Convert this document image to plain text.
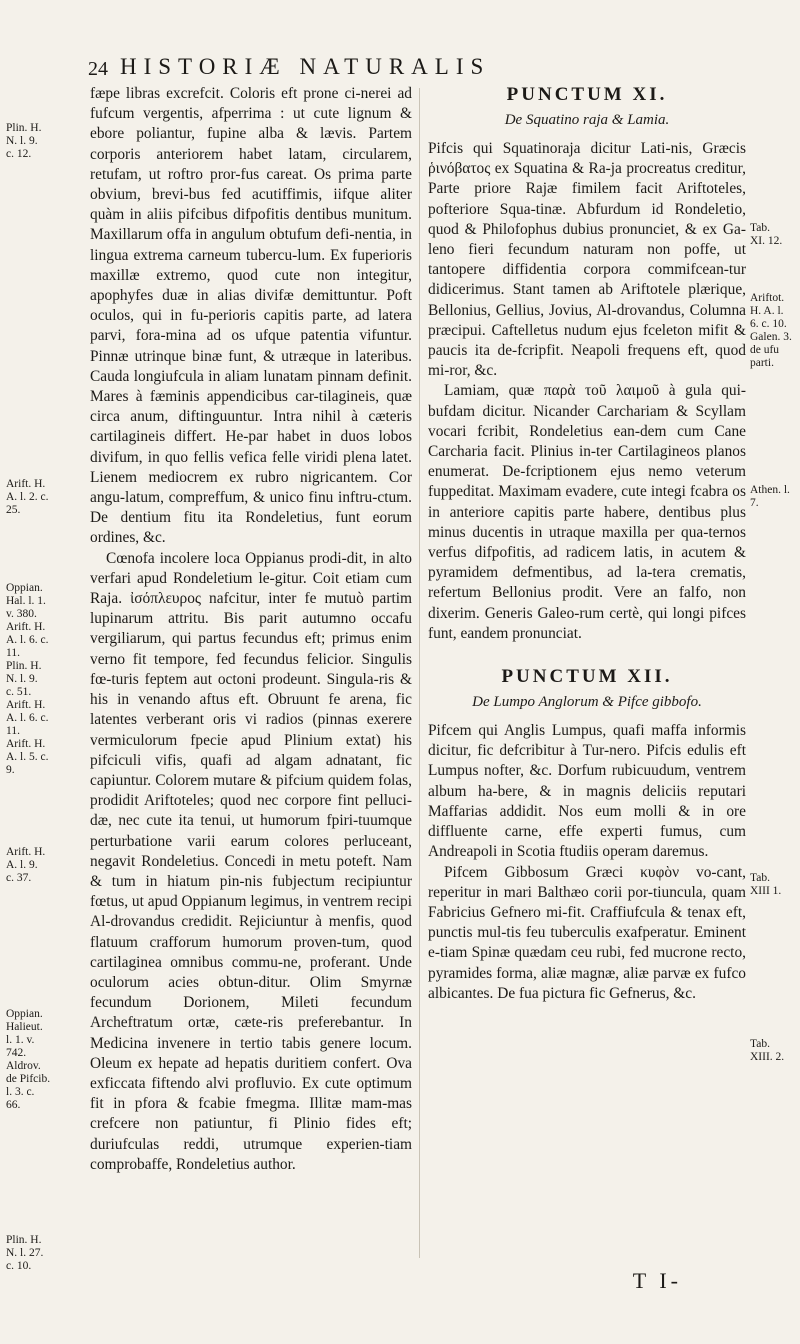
24 HISTORIÆ NATURALIS
Plin. H.
N. l. 9.
c. 12.
Arift. H.
A. l. 2. c.
25.
Oppian.
Hal. l. 1.
v. 380.
Arift. H.
A. l. 6. c.
11.
Plin. H.
N. l. 9.
c. 51.
Arift. H.
A. l. 6. c.
11.
Arift. H.
A. l. 5. c.
9.
Arift. H.
A. l. 9.
c. 37.
Oppian.
Halieut.
l. 1. v.
742.
Aldrov.
de Pifcib.
l. 3. c.
66.
Plin. H.
N. l. 27.
c. 10.

fæpe libras excrefcit. Coloris eft prone ci-nerei ad fufcum vergentis, afperrima : ut cute lignum & ebore poliantur, fupine alba & lævis. Partem corporis anteriorem habet latam, circularem, retufam, ut roftro pror-fus careat. Os prima parte obvium, brevi-bus fed acutiffimis, iifque aliter quàm in aliis pifcibus difpofitis dentibus munitum. Maxillarum offa in angulum obtufum defi-nentia, in lingua extrema carneum tubercu-lum. Ex fuperioris maxillæ extremo, quod cute non integitur, apophyfes duæ in alias divifæ demittuntur. Poft oculos, qui in fu-perioris capitis parte, ad latera parvi, fora-mina ad os ufque patentia vifuntur. Pinnæ utrinque binæ funt, & utræque in lateribus. Cauda longiufcula in aliam lunatam pinnam definit. Mares à fæminis appendicibus car-tilagineis, quæ circa anum, diftinguuntur. Intra nihil à cæteris cartilagineis differt. He-par habet in duos lobos divifum, in quo fellis vefica felle viridi plena latet. Lienem mediocrem ex rubro nigricantem. Cor angu-latum, compreffum, & unico finu inftru-ctum. De dentium fitu ita Rondeletius, funt eorum ordines, &c.

Cœnofa incolere loca Oppianus prodi-dit, in alto verfari apud Rondeletium le-gitur. Coit etiam cum Raja. ἰσόπλευρος nafcitur, inter fe mutuò partim lupinarum attritu. Bis parit autumno occafu vergiliarum, qui partus fecundus eft; primus enim verno fit tempore, fed fecundus felicior. Singulis fœ-turis feptem aut octoni prodeunt. Singula-ris & his in venando aftus eft. Obruunt fe arena, fic latentes verberant oris vi radios (pinnas exerere vermiculorum fpecie apud Plinium extat) his pifciculi vifis, quafi ad algam adnatant, fic capiuntur. Colorem mutare & pifcium quidem folas, prodidit Ariftoteles; quod nec corpore fint pelluci-dæ, nec cute ita tenui, ut humorum fpiri-tuumque perturbatione varii earum colores perluceant, negavit Rondeletius. Concedi in metu poteft. Nam & tum in hiatum pin-nis fubjectum recipiuntur fœtus, ut apud Oppianum legimus, in ventrem recipi Al-drovandus credidit. Rejiciuntur à menfis, quod flatuum crafforum humorum proven-tum, quod cartilaginea omnibus commu-ne, proferant. Unde oculorum acies obtun-ditur. Olim Smyrnæ fecundum Dorionem, Mileti fecundum Archeftratum ortæ, cæte-ris preferebantur. In Medicina invenere in tertio tabis genere locum. Oleum ex hepate ad hepatis duritiem confert. Ova exficcata fiftendo alvi profluvio. Ex cute optimum fit in pfora & fcabie fmegma. Illitæ mam-mas crefcere non patiuntur, fi Plinio fides eft; duriufculas reddi, utrumque experien-tiam comprobaffe, Rondeletius author.

PUNCTUM XI.
De Squatino raja & Lamia.

Pifcis qui Squatinoraja dicitur Lati-nis, Græcis ῥινόβατος ex Squatina & Ra-ja procreatus creditur, Parte priore Rajæ fimilem facit Ariftoteles, pofteriore Squa-tinæ. Abfurdum id Rondeletio, quod & Philofophus dubius pronunciet, & ex Ga-leno fieri fecundum naturam non poffe, ut tantopere diffidentia corpora commifcean-tur didicerimus. Stant tamen ab Ariftotele plærique, Bellonius, Gellius, Jovius, Al-drovandus, Columna præcipui. Caftelletus nudum ejus fceleton mifit & paucis ita de-fcripfit. Neapoli frequens eft, quod mi-ror, &c.

Lamiam, quæ παρὰ τοῦ λαιμοῦ à gula qui-bufdam dicitur. Nicander Carchariam & Scyllam vocari fcribit, Rondeletius ean-dem cum Cane Carcharia facit. Plinius in-ter Cartilagineos planos enumerat. De-fcriptionem ejus nemo veterum fuppeditat. Maximam evadere, cute integi fcabra os in anteriore capitis parte habere, dentibus plus minus ducentis in utraque maxilla per qua-ternos verfus difpofitis, ad radicem latis, in acutem & pyramidem defmentibus, ad la-tera crematis, refertum Bellonius prodit. Vere an falfo, non dixerim. Generis Galeo-rum certè, qui longi pifces funt, eandem pronunciat.

PUNCTUM XII.
De Lumpo Anglorum & Pifce gibbofo.

Pifcem qui Anglis Lumpus, quafi maffa informis dicitur, fic defcribitur à Tur-nero. Pifcis edulis eft Lumpus nofter, &c. Dorfum rubicuudum, ventrem album ha-bere, & in magnis deliciis reputari Maffarias addidit. Nos eum molli & in ore diffluente carne, effe experti fumus, cum Andreapoli in Scotia ftudiis operam daremus.

Pifcem Gibbosum Græci κυφὸν vo-cant, reperitur in mari Balthæo corii por-tiuncula, quam Fabricius Gefnero mi-fit. Craffiufcula & tenax eft, punctis mul-tis feu tuberculis exafperatur. Eminent e-tiam Spinæ quædam ceu rubi, fed mucrone recto, pyramides forma, aliæ magnæ, aliæ parvæ ex fufco albicantes. De fua pictura fic Gefnerus, &c.

Tab.
XI. 12.
Ariftot.
H. A. l.
6. c. 10.
Galen. 3.
de ufu
parti.
Athen. l.
7.
Tab.
XIII 1.
Tab.
XIII. 2.
T I-
